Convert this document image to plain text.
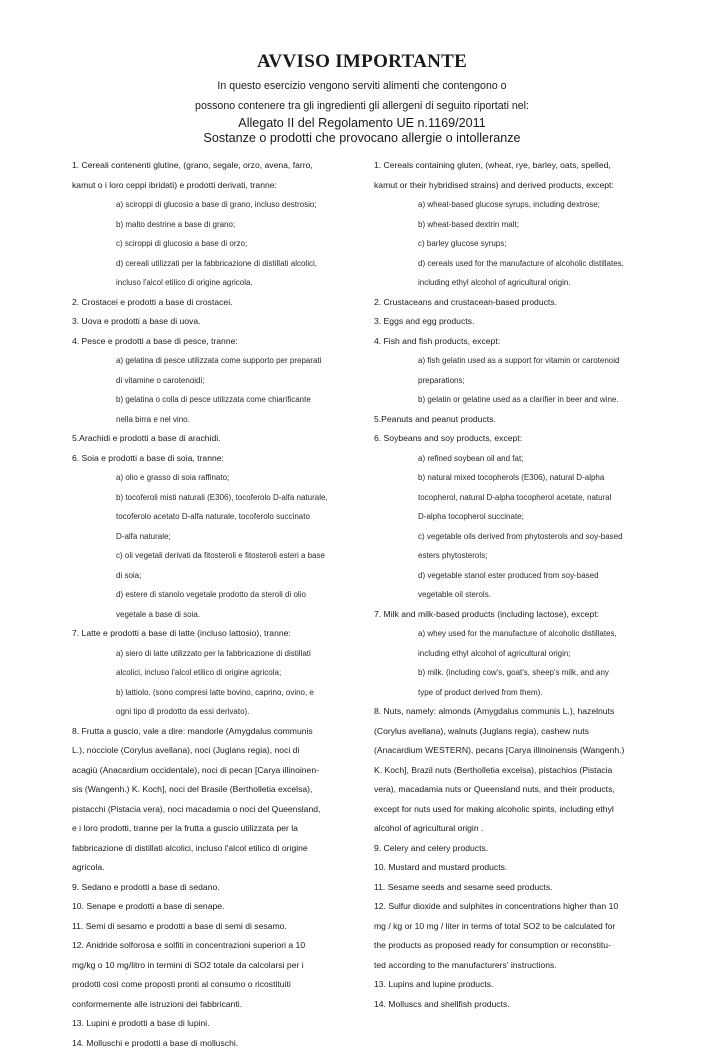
AVVISO IMPORTANTE
In questo esercizio vengono serviti alimenti che contengono o
possono contenere tra gli ingredienti gli allergeni di seguito riportati nel:
Allegato II del Regolamento UE n.1169/2011
Sostanze o prodotti che provocano allergie o intolleranze
1. Cereali contenenti glutine, (grano, segale, orzo, avena, farro,
kamut o i loro ceppi ibridati) e prodotti derivati, tranne:
a) sciroppi di glucosio a base di grano, incluso destrosio;
b) malto destrine a base di grano;
c) sciroppi di glucosio a base di orzo;
d) cereali utilizzati per la fabbricazione di distillati alcolici,
incluso l'alcol etilico di origine agricola.
2. Crostacei e prodotti a base di crostacei.
3. Uova e prodotti a base di uova.
4. Pesce e prodotti a base di pesce, tranne:
a) gelatina di pesce utilizzata come supporto per preparati
di vitamine o carotenoidi;
b) gelatina o colla di pesce utilizzata come chiarificante
nella birra e nel vino.
5.Arachidi e prodotti a base di arachidi.
6. Soia e prodotti a base di soia, tranne:
a) olio e grasso di soia raffinato;
b) tocoferoli misti naturali (E306), tocoferolo D-alfa naturale,
tocoferolo acetato D-alfa naturale, tocoferolo succinato
D-alfa naturale;
c) oli vegetali derivati da fitosteroli e fitosteroli esteri a base
di soia;
d) estere di stanolo vegetale prodotto da steroli di olio
vegetale a base di soia.
7. Latte e prodotti a base di latte (incluso lattosio), tranne:
a) siero di latte utilizzato per la fabbricazione di distillati
alcolici, incluso l'alcol etilico di origine agricola;
b) lattiolo. (sono compresi latte bovino, caprino, ovino, e
ogni tipo di prodotto da essi derivato).
8. Frutta a guscio, vale a dire: mandorle (Amygdalus communis
L.), nocciole (Corylus avellana), noci (Juglans regia), noci di
acagiù (Anacardium occidentale), noci di pecan [Carya illinoinen-
sis (Wangenh.) K. Koch], noci del Brasile (Bertholletia excelsa),
pistacchi (Pistacia vera), noci macadamia o noci del Queensland,
e i loro prodotti, tranne per la frutta a guscio utilizzata per la
fabbricazione di distillati alcolici, incluso l'alcol etilico di origine
agricola.
9. Sedano e prodotti a base di sedano.
10. Senape e prodotti a base di senape.
11. Semi di sesamo e prodotti a base di semi di sesamo.
12. Anidride solforosa e solfiti in concentrazioni superiori a 10
mg/kg o 10 mg/litro in termini di SO2 totale da calcolarsi per i
prodotti così come proposti pronti al consumo o ricostituiti
conformemente alle istruzioni dei fabbricanti.
13. Lupini e prodotti a base di lupini.
14. Molluschi e prodotti a base di molluschi.
1. Cereals containing gluten, (wheat, rye, barley, oats, spelled,
kamut or their hybridised strains) and derived products, except:
a) wheat-based glucose syrups, including dextrose;
b) wheat-based dextrin malt;
c) barley glucose syrups;
d) cereals used for the manufacture of alcoholic distillates,
including ethyl alcohol of agricultural origin.
2. Crustaceans and crustacean-based products.
3. Eggs and egg products.
4. Fish and fish products, except:
a) fish gelatin used as a support for vitamin or carotenoid
preparations;
b) gelatin or gelatine used as a clarifier in beer and wine.
5.Peanuts and peanut products.
6. Soybeans and soy products, except:
a) refined soybean oil and fat;
b) natural mixed tocopherols (E306), natural D-alpha
tocopherol, natural D-alpha tocopherol acetate, natural
D-alpha tocopherol succinate;
c) vegetable oils derived from phytosterols and soy-based
esters phytosterols;
d) vegetable stanol ester produced from soy-based
vegetable oil sterols.
7. Milk and milk-based products (including lactose), except:
a) whey used for the manufacture of alcoholic distillates,
including ethyl alcohol of agricultural origin;
b) milk. (including cow's, goat's, sheep's milk, and any
type of product derived from them).
8. Nuts, namely: almonds (Amygdalus communis L.), hazelnuts
(Corylus avellana), walnuts (Juglans regia), cashew nuts
(Anacardium WESTERN), pecans [Carya illinoinensis (Wangenh.)
K. Koch], Brazil nuts (Bertholletia excelsa), pistachios (Pistacia
vera), macadamia nuts or Queensland nuts, and their products,
except for nuts used for making alcoholic spirits, including ethyl
alcohol of agricultural origin .
9. Celery and celery products.
10. Mustard and mustard products.
11. Sesame seeds and sesame seed products.
12. Sulfur dioxide and sulphites in concentrations higher than 10
mg / kg or 10 mg / liter in terms of total SO2 to be calculated for
the products as proposed ready for consumption or reconstitu-
ted according to the manufacturers' instructions.
13. Lupins and lupine products.
14. Molluscs and shellfish products.
